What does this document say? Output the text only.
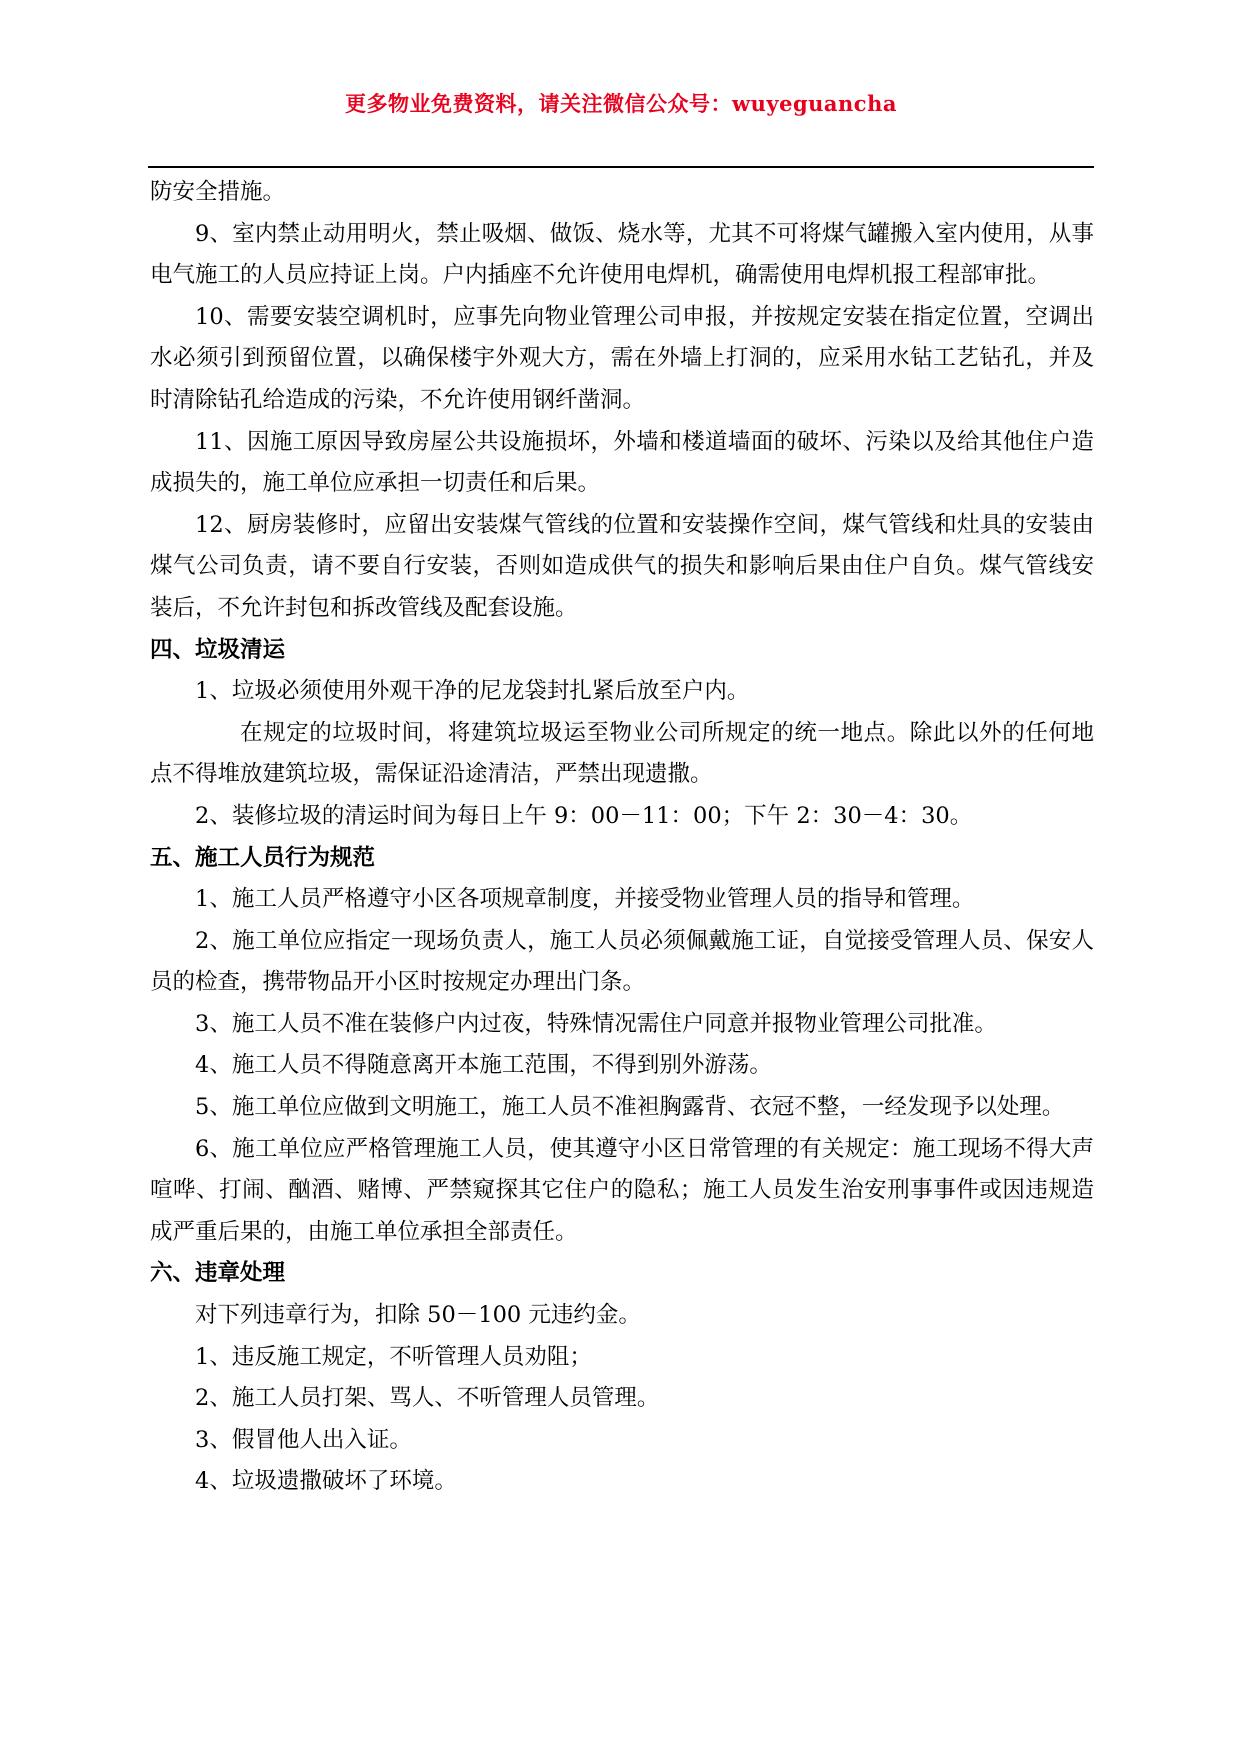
更多物业免费资料，请关注微信公众号：wuyeguancha

防安全措施。

9、室内禁止动用明火，禁止吸烟、做饭、烧水等，尤其不可将煤气罐搬入室内使用，从事电气施工的人员应持证上岗。户内插座不允许使用电焊机，确需使用电焊机报工程部审批。

10、需要安装空调机时，应事先向物业管理公司申报，并按规定安装在指定位置，空调出水必须引到预留位置，以确保楼宇外观大方，需在外墙上打洞的，应采用水钻工艺钻孔，并及时清除钻孔给造成的污染，不允许使用钢纤凿洞。

11、因施工原因导致房屋公共设施损坏，外墙和楼道墙面的破坏、污染以及给其他住户造成损失的，施工单位应承担一切责任和后果。

12、厨房装修时，应留出安装煤气管线的位置和安装操作空间，煤气管线和灶具的安装由煤气公司负责，请不要自行安装，否则如造成供气的损失和影响后果由住户自负。煤气管线安装后，不允许封包和拆改管线及配套设施。

四、垃圾清运

1、垃圾必须使用外观干净的尼龙袋封扎紧后放至户内。

在规定的垃圾时间，将建筑垃圾运至物业公司所规定的统一地点。除此以外的任何地点不得堆放建筑垃圾，需保证沿途清洁，严禁出现遗撒。

2、装修垃圾的清运时间为每日上午 9：00－11：00；下午 2：30－4：30。

五、施工人员行为规范

1、施工人员严格遵守小区各项规章制度，并接受物业管理人员的指导和管理。

2、施工单位应指定一现场负责人，施工人员必须佩戴施工证，自觉接受管理人员、保安人员的检查，携带物品开小区时按规定办理出门条。

3、施工人员不准在装修户内过夜，特殊情况需住户同意并报物业管理公司批准。

4、施工人员不得随意离开本施工范围，不得到别外游荡。

5、施工单位应做到文明施工，施工人员不准袒胸露背、衣冠不整，一经发现予以处理。

6、施工单位应严格管理施工人员，使其遵守小区日常管理的有关规定：施工现场不得大声喧哗、打闹、酗酒、赌博、严禁窥探其它住户的隐私；施工人员发生治安刑事事件或因违规造成严重后果的，由施工单位承担全部责任。

六、违章处理

对下列违章行为，扣除 50－100 元违约金。

1、违反施工规定，不听管理人员劝阻；

2、施工人员打架、骂人、不听管理人员管理。

3、假冒他人出入证。

4、垃圾遗撒破坏了环境。
